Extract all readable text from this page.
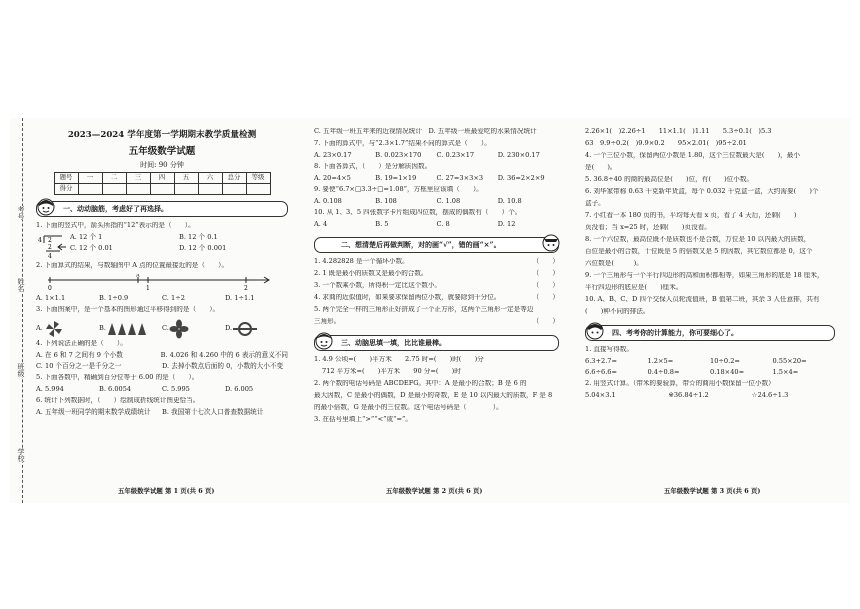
考号
姓名
班级
学校
2023—2024 学年度第一学期期末教学质量检测
五年级数学试题
时间: 90 分钟
题号	一	二	三	四	五	六	总分	等级
得分								
一、动动脑筋，考虑好了再选择。
1. 下面的竖式中，箭头所指的“12”表示的是（　　）。
4 2
2
4
A. 12 个 1	B. 12 个 0.1
C. 12 个 0.01	D. 12 个 0.001
2. 下面算式的结果，与数轴图中 A 点的位置最接近的是（　　）。
0
A
1	2
A. 1×1.1	B. 1÷0.9	C. 1÷2	D. 1÷1.1
3. 下面图案中，是一个基本的图形通过平移得到的是（　　）。
A.	B.	C.	D.
4. 下列说法正确的是（　　）。
A. 在 6 和 7 之间有 9 个小数	B. 4.026 和 4.260 中的 6 表示的意义不同
C. 10 个百分之一是千分之一	D. 去掉小数点后面的 0，小数的大小不变
5. 下面各数中，精确到百分位等于 6.00 的是（　　）。
A. 5.994	B. 6.0054	C. 5.995	D. 6.005
6. 统计下列数据时，（　　）绘制成折线统计图更恰当。
A. 五年级一班同学的期末数学成绩统计	B. 我国第十七次人口普查数据统计
五年级数学试题 第 1 页(共 6 页)
C. 五年级一班五年来的近视情况统计　D. 五年级一班最爱吃的水果情况统计
7. 下面的算式中，与“2.3×1.7”结果不同的算式是（　　）。
A. 23×0.17	B. 0.023×170	C. 0.23×17	D. 230×0.17
8. 下面各算式，（　　）是分解质因数。
A. 20=4×5	B. 19=1×19	C. 27=3×3×3	D. 36=2×2×9
9. 要使“6.7×□3.3÷□=1.08”，方框里应该填（　　）。
A. 0.108	B. 108	C. 1.08	D. 10.8
10. 从 1、3、5 四张数字卡片组成四位数，摆成的偶数有（　　）个。
A. 4	B. 5	C. 8	D. 12
二、想清楚后再做判断，对的画“√”，错的画“×”。
1. 4.282828 是一个循环小数。	（　　）
2. 1 既是最小的质数又是最小的合数。	（　　）
3. 一个数乘小数，所得积一定比这个数小。	（　　）
4. 求商的近似值时，如果要求保留两位小数，就要除到千分位。	（　　）
5. 两个完全一样的三角形正好拼成了一个正方形，这两个三角形一定是等边
三角形。	（　　）
三、动脑思填一填，比比谁最棒。
1. 4.9 公顷=(　　)平方米　　2.75 时=(　　)时(　　)分
712 平方米=(　　)平方米　　90 分=(　　)时
2. 两个数的电话号码是 ABCDEFG。其中：A 是最小的合数；B 是 6 的
最大因数，C 是最小的偶数，D 是最小的奇数，E 是 10 以内最大的质数，F 是 8
的最小倍数，G 是最小的三位数。这个电话号码是（　　　　）。
3. 在括号里填上“>”“<”或“=”。
五年级数学试题 第 2 页(共 6 页)
2.26×1(　)2.26÷1　　11×1.1(　)1.11　　5.3÷0.1(　)5.3
63　9.9÷0.2(　)9.9×0.2　　95×2.01(　)95÷2.01
4. 一个三位小数，保留两位小数是 1.80，这个三位数最大是(　　)，最小
是(　　)。
5. 36.8÷40 的商的最高位是(　　)位，有(　　)位小数。
6. 刘华家带称 0.63 千克新年货盒，每个 0.032 千克盒一盒，大约需要(　　)个
盒子。
7. 小红看一本 180 页的书，平均每天看 x 页，看了 4 天后，还剩(　　)
页没看；当 x=25 时，还剩(　　)页没看。
8. 一个六位数，最高位既不是质数也不是合数，万位是 10 以内最大的质数，
百位是最小的合数，十位既是 5 的倍数又是 5 的因数，其它数位都是 0，这个
六位数是(　　　)。
9. 一个三角形与一个平行四边形的高和面积都相等，如果三角形的底是 18 厘米，
平行四边形的底应是(　　)厘米。
10. A、B、C、D 四个交保人员轮流值班，B 值第二班，其余 3 人任意排，共有
(　　)种不同的排法。
四、考考你的计算能力，你可要细心了。
1. 直接写得数。
6.3+2.7=	1.2×5=	10÷0.2=	0.55×20=
6.6÷6.6=	0.4÷0.8=	0.18×40=	1.5×4=
2. 用竖式计算。（带米的要验算，带☆的商用小数保留一位小数）
5.04×3.1	※36.84÷1.2	☆24.6÷1.3
五年级数学试题 第 3 页(共 6 页)
